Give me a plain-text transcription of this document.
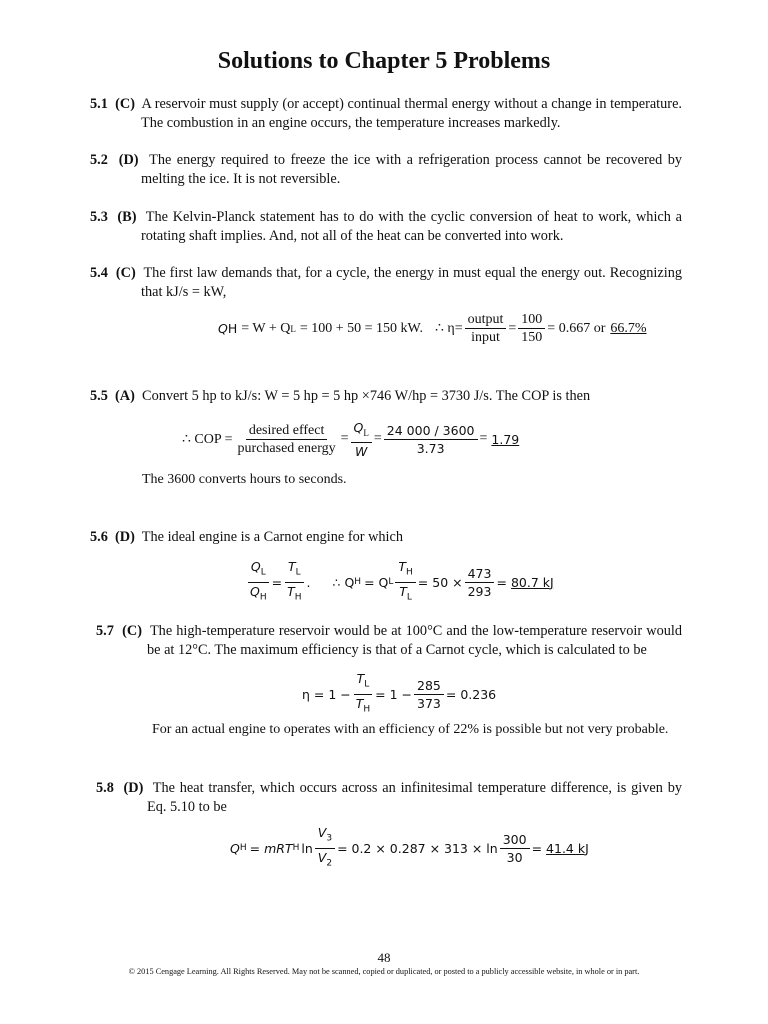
Solutions to Chapter 5 Problems

5.1 (C) A reservoir must supply (or accept) continual thermal energy without a change in temperature. The combustion in an engine occurs, the temperature increases markedly.

5.2 (D) The energy required to freeze the ice with a refrigeration process cannot be recovered by melting the ice. It is not reversible.

5.3 (B) The Kelvin-Planck statement has to do with the cyclic conversion of heat to work, which a rotating shaft implies. And, not all of the heat can be converted into work.

5.4 (C) The first law demands that, for a cycle, the energy in must equal the energy out. Recognizing that kJ/s = kW,

Q H = W + Q L = 100 + 50 = 150 kW. ∴ $\eta= \frac{\text{output}}{\text{input}} = \frac{100}{150} = 0.667$ or 66.7%

5.5 (A) Convert 5 hp to kJ/s: W = 5 hp = 5 hp ×746 W/hp = 3730 J/s. The COP is then

∴ COP = $\frac{\text{desired effect}}{\text{purchased energy}} = \frac{Q_L}{W} = \frac{24 000 / 3600}{3.73} = 1.79$
The 3600 converts hours to seconds.

5.6 (D) The ideal engine is a Carnot engine for which

$\frac{Q_L}{Q_H} = \frac{T_L}{T_H}$ . ∴ Q H = Q L $\frac{T_H}{T_L} = 50 \times \frac{473}{293} = 80.7$ kJ

5.7 (C) The high-temperature reservoir would be at 100°C and the low-temperature reservoir would be at 12°C. The maximum efficiency is that of a Carnot cycle, which is calculated to be

$\eta = 1 - \frac{T_L}{T_H} = 1 - \frac{285}{373} = 0.236$
For an actual engine to operates with an efficiency of 22% is possible but not very probable.

5.8 (D) The heat transfer, which occurs across an infinitesimal temperature difference, is given by Eq. 5.10 to be

Q H = mRT H $\ln \frac{V_3}{V_2} = 0.2 \times 0.287 \times 313 \times \ln \frac{300}{30} = 41.4$ kJ
48
© 2015 Cengage Learning. All Rights Reserved. May not be scanned, copied or duplicated, or posted to a publicly accessible website, in whole or in part.
